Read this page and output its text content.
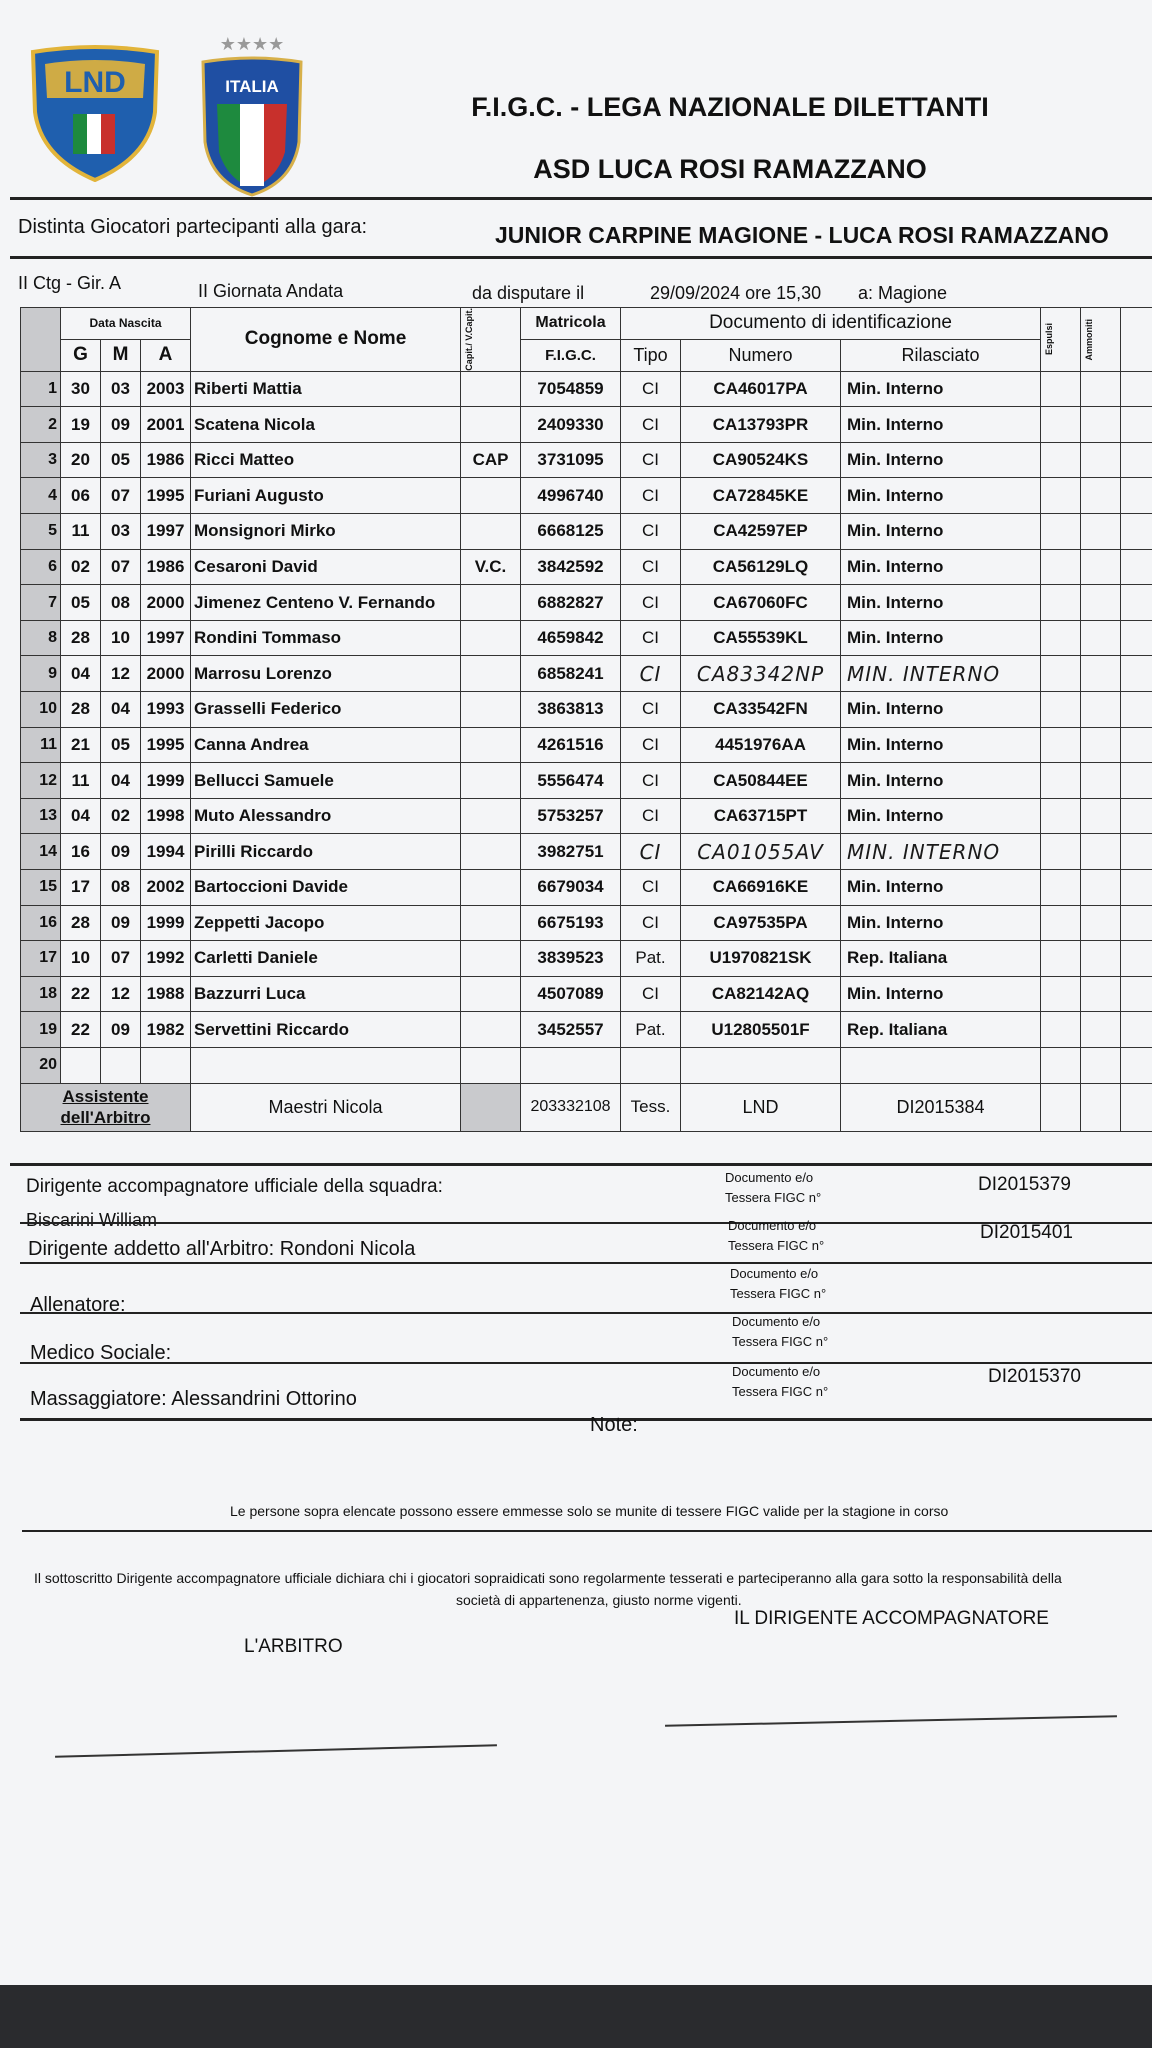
LND
★★★★
ITALIA
F.I.G.C. - LEGA NAZIONALE DILETTANTI
ASD LUCA ROSI RAMAZZANO
Distinta Giocatori partecipanti alla gara:	JUNIOR CARPINE MAGIONE - LUCA ROSI RAMAZZANO
II Ctg - Gir. A	II Giornata Andata	da disputare il	29/09/2024 ore 15,30 a: Magione
	Data Nascita			Cognome e Nome	Capit./ V.Capit.	Matricola	Documento di identificazione			Espulsi	Ammoniti	

	G	M	A			F.I.G.C.	Tipo	Numero	Rilasciato			
1	30	03	2003	Riberti Mattia		7054859	CI	CA46017PA	Min. Interno			
2	19	09	2001	Scatena Nicola		2409330	CI	CA13793PR	Min. Interno			
3	20	05	1986	Ricci Matteo	CAP	3731095	CI	CA90524KS	Min. Interno			
4	06	07	1995	Furiani Augusto		4996740	CI	CA72845KE	Min. Interno			
5	11	03	1997	Monsignori Mirko		6668125	CI	CA42597EP	Min. Interno			
6	02	07	1986	Cesaroni David	V.C.	3842592	CI	CA56129LQ	Min. Interno			
7	05	08	2000	Jimenez Centeno V. Fernando		6882827	CI	CA67060FC	Min. Interno			
8	28	10	1997	Rondini Tommaso		4659842	CI	CA55539KL	Min. Interno			
9	04	12	2000	Marrosu Lorenzo		6858241	CI	CA83342NP	MIN. INTERNO			
10	28	04	1993	Grasselli Federico		3863813	CI	CA33542FN	Min. Interno			
11	21	05	1995	Canna Andrea		4261516	CI	4451976AA	Min. Interno			
12	11	04	1999	Bellucci Samuele		5556474	CI	CA50844EE	Min. Interno			
13	04	02	1998	Muto Alessandro		5753257	CI	CA63715PT	Min. Interno			
14	16	09	1994	Pirilli Riccardo		3982751	CI	CA01055AV	MIN. INTERNO			
15	17	08	2002	Bartoccioni Davide		6679034	CI	CA66916KE	Min. Interno			
16	28	09	1999	Zeppetti Jacopo		6675193	CI	CA97535PA	Min. Interno			
17	10	07	1992	Carletti Daniele		3839523	Pat.	U1970821SK	Rep. Italiana			
18	22	12	1988	Bazzurri Luca		4507089	CI	CA82142AQ	Min. Interno			
19	22	09	1982	Servettini Riccardo		3452557	Pat.	U12805501F	Rep. Italiana			
20												
Assistente dell'Arbitro				Maestri Nicola		203332108	Tess.	LND	DI2015384			
Dirigente accompagnatore ufficiale della squadra:
Biscarini William
Documento e/o
Tessera FIGC n°
DI2015379
Dirigente addetto all'Arbitro: Rondoni Nicola
Documento e/o
Tessera FIGC n°
DI2015401
Allenatore:
Documento e/o
Tessera FIGC n°
Medico Sociale:
Documento e/o
Tessera FIGC n°
Massaggiatore: Alessandrini Ottorino
Documento e/o
Tessera FIGC n°
DI2015370
Note:
Le persone sopra elencate possono essere emmesse solo se munite di tessere FIGC valide per la stagione in corso
Il sottoscritto Dirigente accompagnatore ufficiale dichiara chi i giocatori sopraidicati sono regolarmente tesserati e parteciperanno alla gara sotto la responsabilità della
società di appartenenza, giusto norme vigenti.
L'ARBITRO
IL DIRIGENTE ACCOMPAGNATORE
